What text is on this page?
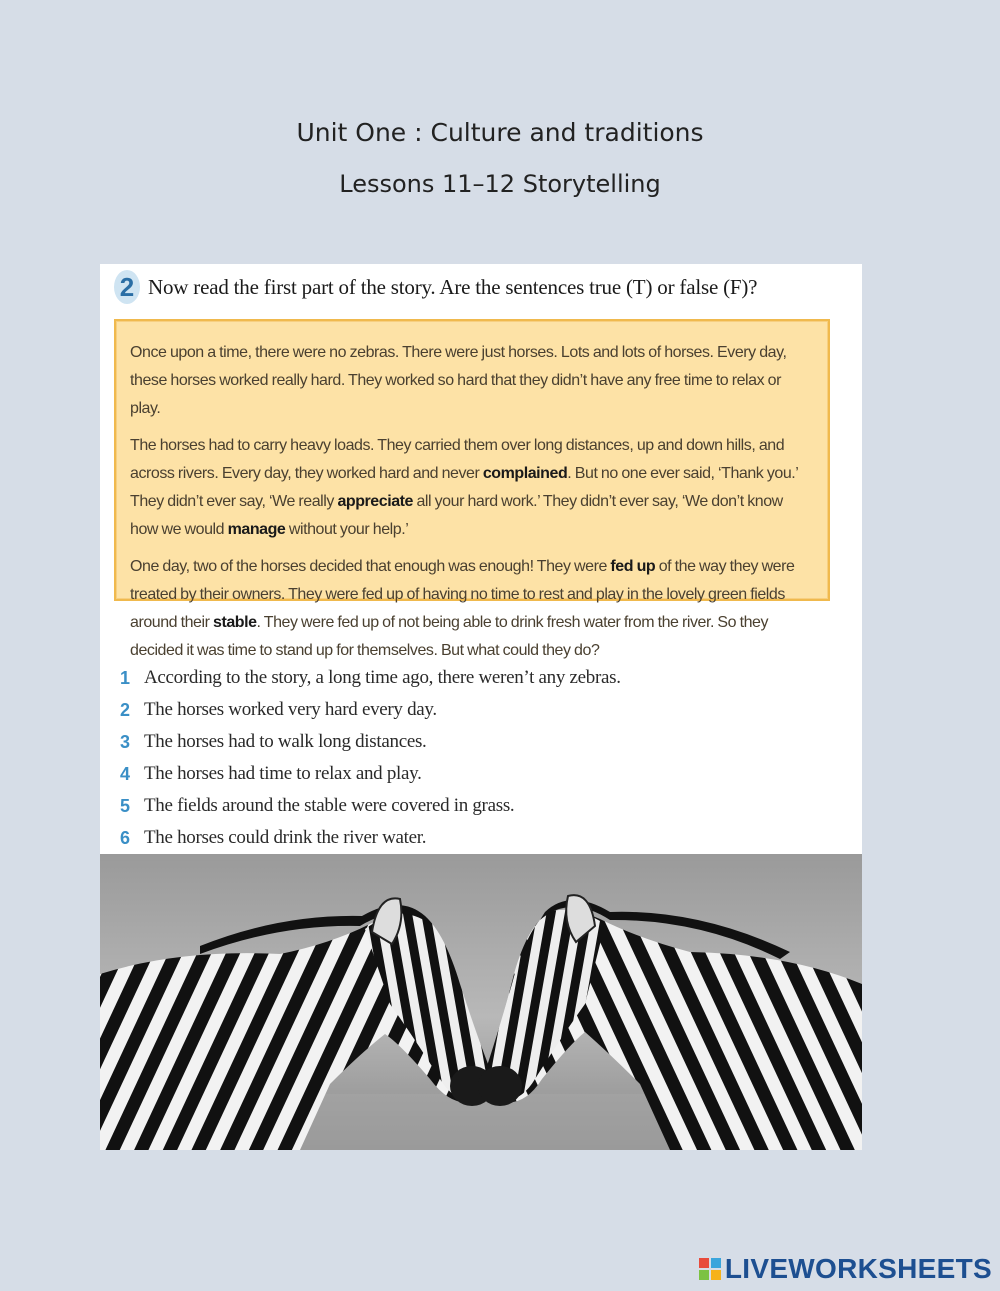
Unit One : Culture and traditions
Lessons 11–12 Storytelling
2 Now read the first part of the story. Are the sentences true (T) or false (F)?

Once upon a time, there were no zebras. There were just horses. Lots and lots of horses. Every day, these horses worked really hard. They worked so hard that they didn’t have any free time to relax or play.

The horses had to carry heavy loads. They carried them over long distances, up and down hills, and across rivers. Every day, they worked hard and never complained. But no one ever said, ‘Thank you.’ They didn’t ever say, ‘We really appreciate all your hard work.’ They didn’t ever say, ‘We don’t know how we would manage without your help.’

One day, two of the horses decided that enough was enough! They were fed up of the way they were treated by their owners. They were fed up of having no time to rest and play in the lovely green fields around their stable. They were fed up of not being able to drink fresh water from the river. So they decided it was time to stand up for themselves. But what could they do?

1 According to the story, a long time ago, there weren’t any zebras.
2 The horses worked very hard every day.
3 The horses had to walk long distances.
4 The horses had time to relax and play.
5 The fields around the stable were covered in grass.
6 The horses could drink the river water.
LIVEWORKSHEETS
